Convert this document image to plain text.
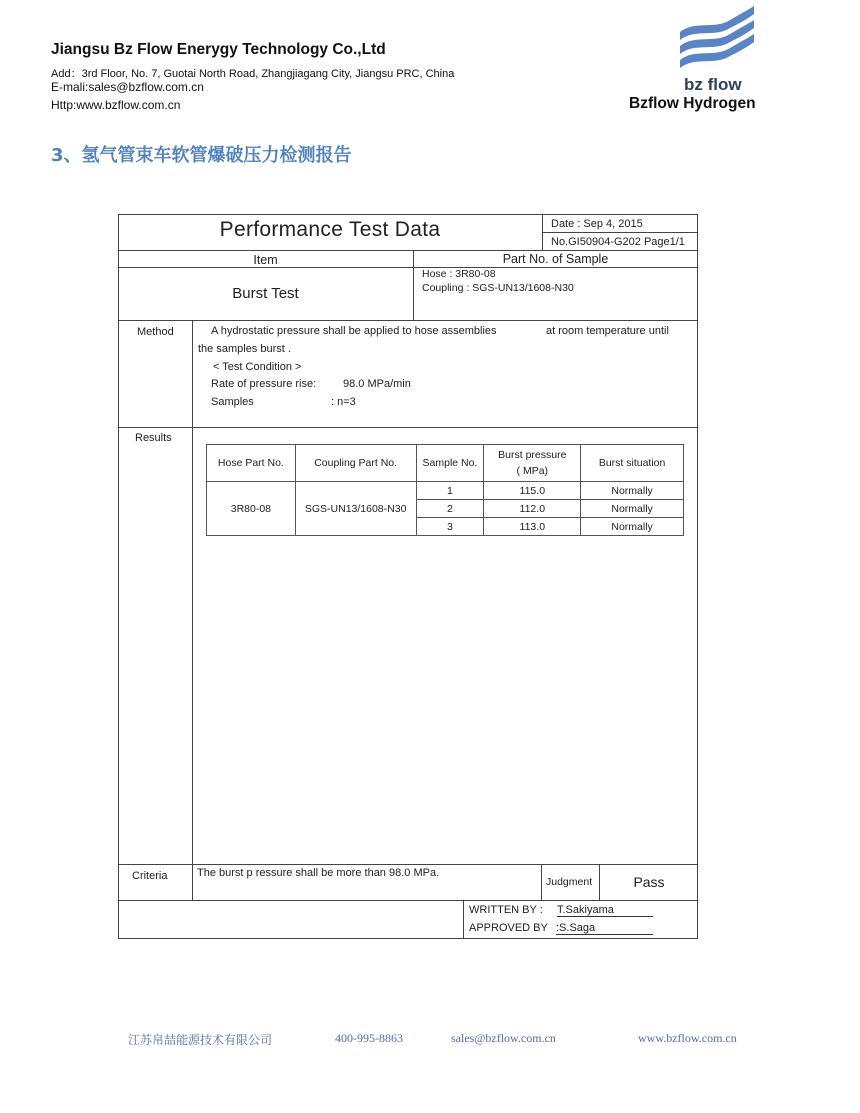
Jiangsu Bz Flow Enerygy Technology Co.,Ltd
Add：3rd Floor, No. 7, Guotai North Road, Zhangjiagang City, Jiangsu PRC, China
E-mali:sales@bzflow.com.cn
Http:www.bzflow.com.cn
bz flow
Bzflow Hydrogen
3、氢气管束车软管爆破压力检测报告
Performance Test Data	Date : Sep 4, 2015
No.GI50904-G202 Page1/1
Item	Part No. of Sample
Burst Test
Hose : 3R80-08
Coupling : SGS-UN13/1608-N30
Method	A hydrostatic pressure shall be applied to hose assemblies	at room temperature until
the samples burst .
< Test Condition >
Rate of pressure rise: 98.0 MPa/min
Samples	: n=3
Results
Hose Part No.	Coupling Part No.	Sample No.	Burst pressure
( MPa)	Burst situation
3R80-08	SGS-UN13/1608-N30	1	115.0	Normally
		2	112.0	Normally
		3	113.0	Normally
Criteria	The burst p ressure shall be more than 98.0 MPa.
Judgment	Pass
WRITTEN BY : T.Sakiyama
APPROVED BY :S.Saga
江苏帛喆能源技术有限公司	400-995-8863	sales@bzflow.com.cn	www.bzflow.com.cn
